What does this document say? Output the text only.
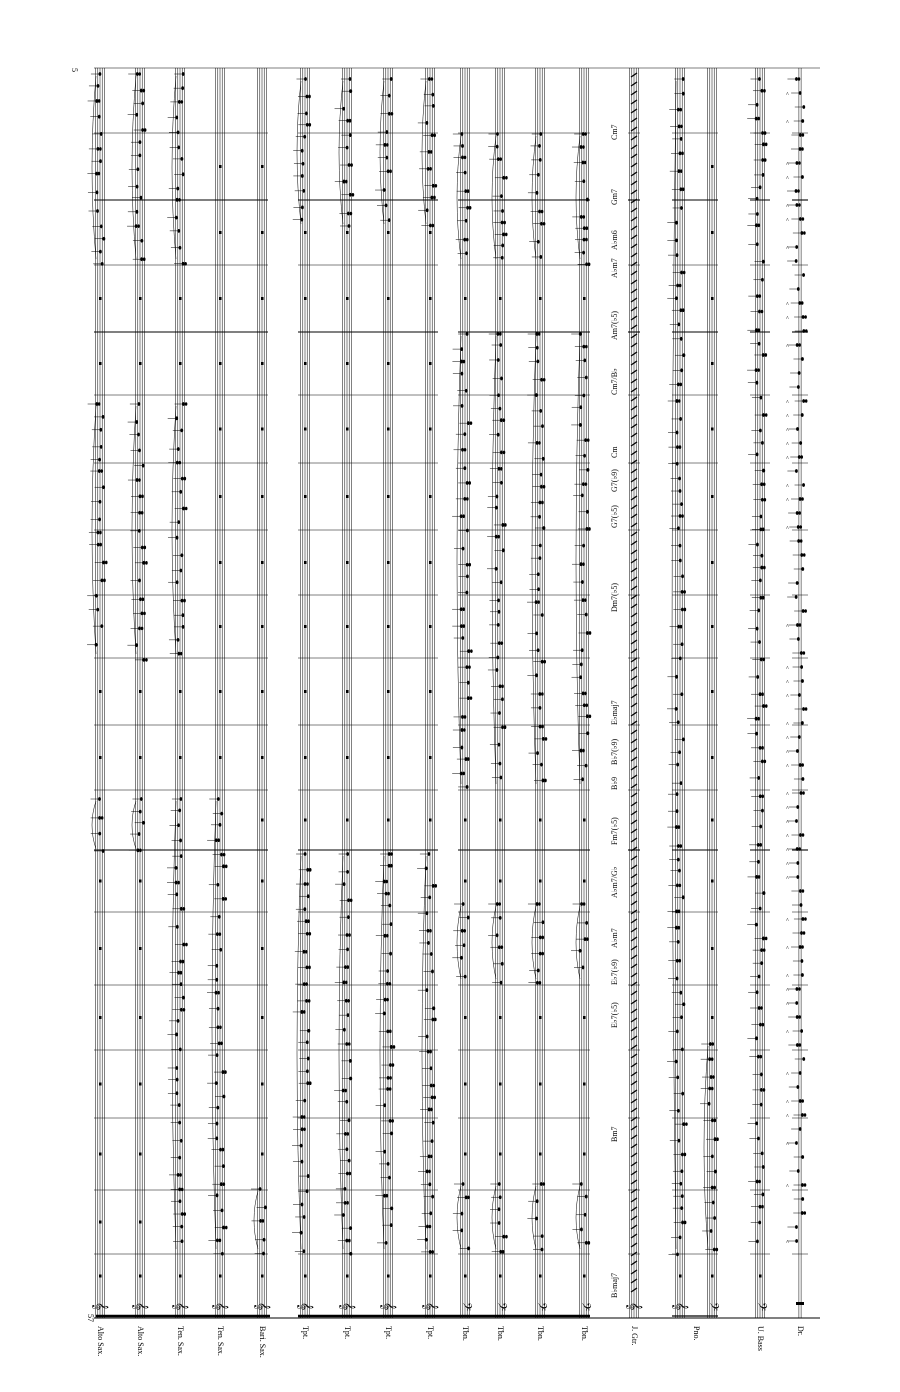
𝄞 𝄞 𝄞 𝄞 𝄞 𝄞 𝄞 𝄞 𝄞 𝄢 𝄢 𝄢 𝄢 𝄞 𝄞 𝄢 𝄢
^
^
^
^
^
^
^
^
^
^
^
^
^
^
^
^
^
^
^
^
^
^
^
^
^
^
^
^
^
^
^
^
^
^
^
^
^
^
^
^
^
^
^
^
^
5
57
Alto Sax.	Alto Sax.	Ten. Sax.	Ten. Sax.	Bari. Sax.	Tpt.	Tpt.	Tpt.	Tpt.	Tbn.	Tbn.	Tbn.	Tbn.	J. Gtr.	Pno.	U. Bass	Dr.
B♭maj7
Bm7
E♭7(♭5)
E♭7(♭9)
A♭m7
A♭m7/G♭
Fm7(♭5)
B♭9
B♭7(♭9)
E♭maj7
Dm7(♭5)
G7(♭5)
G7(♭9)
Cm
Cm7/B♭
Am7(♭5)
A♭m7
A♭m6
Gm7
Cm7
